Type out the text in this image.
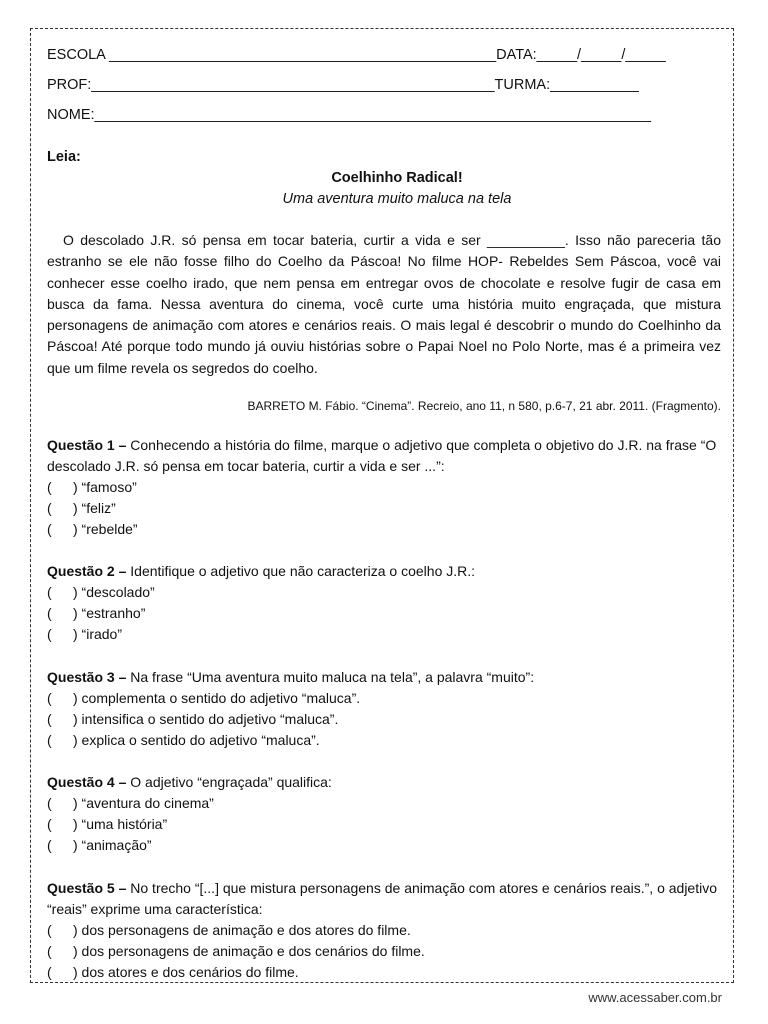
ESCOLA ________________________________________________DATA:_____/_____/_____
PROF:__________________________________________________TURMA:___________
NOME:_____________________________________________________________________
Leia:
Coelhinho Radical!
Uma aventura muito maluca na tela
O descolado J.R. só pensa em tocar bateria, curtir a vida e ser __________. Isso não pareceria tão estranho se ele não fosse filho do Coelho da Páscoa! No filme HOP- Rebeldes Sem Páscoa, você vai conhecer esse coelho irado, que nem pensa em entregar ovos de chocolate e resolve fugir de casa em busca da fama. Nessa aventura do cinema, você curte uma história muito engraçada, que mistura personagens de animação com atores e cenários reais. O mais legal é descobrir o mundo do Coelhinho da Páscoa! Até porque todo mundo já ouviu histórias sobre o Papai Noel no Polo Norte, mas é a primeira vez que um filme revela os segredos do coelho.
BARRETO M. Fábio. “Cinema”. Recreio, ano 11, n 580, p.6-7, 21 abr. 2011. (Fragmento).
Questão 1 – Conhecendo a história do filme, marque o adjetivo que completa o objetivo do J.R. na frase “O descolado J.R. só pensa em tocar bateria, curtir a vida e ser ...”:
( ) “famoso”
( ) “feliz”
( ) “rebelde”
Questão 2 – Identifique o adjetivo que não caracteriza o coelho J.R.:
( ) “descolado”
( ) “estranho”
( ) “irado”
Questão 3 – Na frase “Uma aventura muito maluca na tela”, a palavra “muito”:
( ) complementa o sentido do adjetivo “maluca”.
( ) intensifica o sentido do adjetivo “maluca”.
( ) explica o sentido do adjetivo “maluca”.
Questão 4 – O adjetivo “engraçada” qualifica:
( ) “aventura do cinema”
( ) “uma história”
( ) “animação”
Questão 5 – No trecho “[...] que mistura personagens de animação com atores e cenários reais.”, o adjetivo “reais” exprime uma característica:
( ) dos personagens de animação e dos atores do filme.
( ) dos personagens de animação e dos cenários do filme.
( ) dos atores e dos cenários do filme.
www.acessaber.com.br
